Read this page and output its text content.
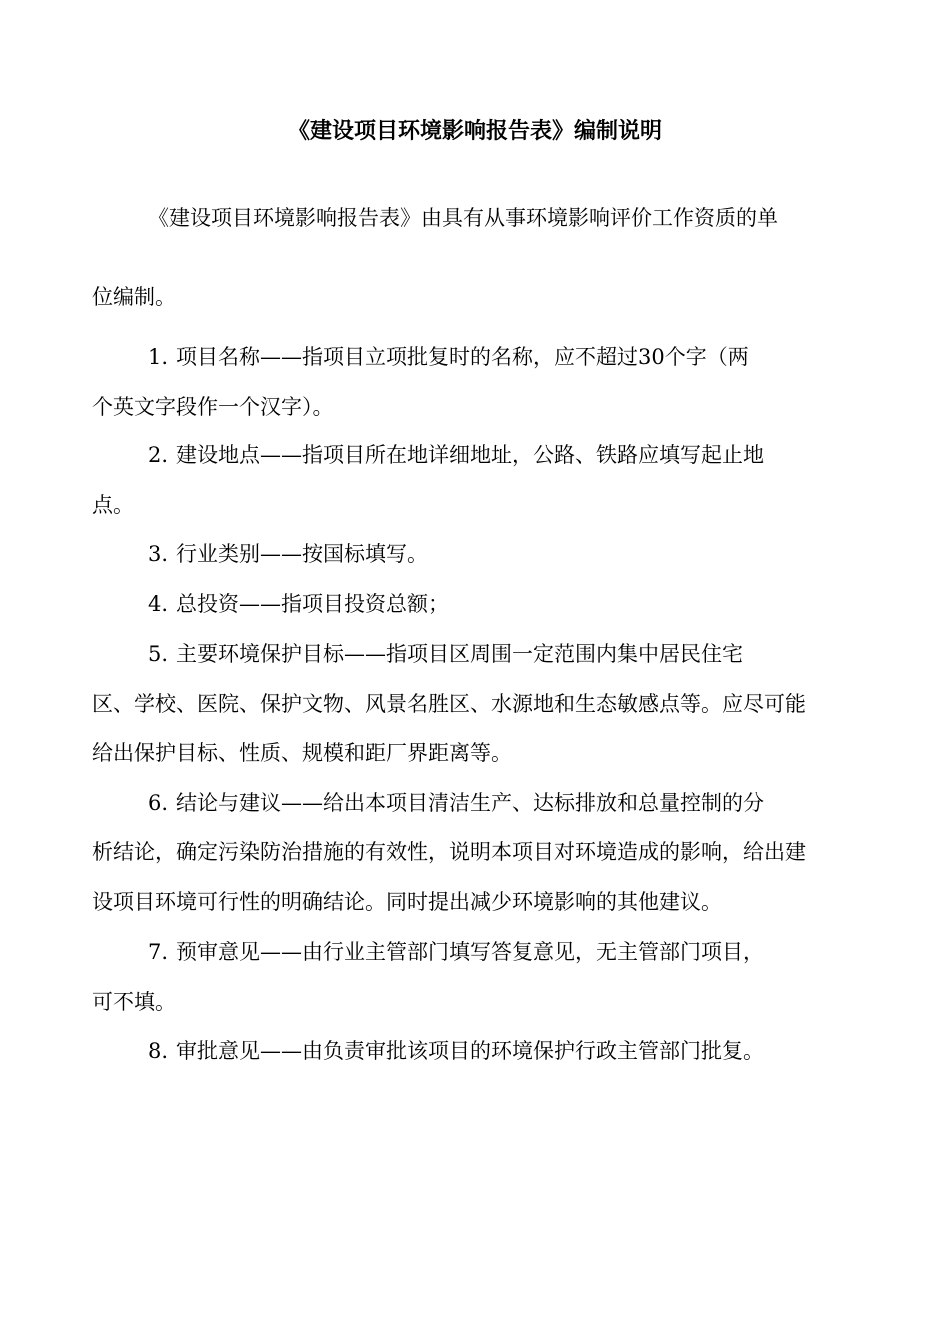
《建设项目环境影响报告表》编制说明

《建设项目环境影响报告表》由具有从事环境影响评价工作资质的单

位编制。

1. 项目名称——指项目立项批复时的名称，应不超过30个字（两

个英文字段作一个汉字）。

2. 建设地点——指项目所在地详细地址，公路、铁路应填写起止地

点。

3. 行业类别——按国标填写。

4. 总投资——指项目投资总额；

5. 主要环境保护目标——指项目区周围一定范围内集中居民住宅

区、学校、医院、保护文物、风景名胜区、水源地和生态敏感点等。应尽可能

给出保护目标、性质、规模和距厂界距离等。

6. 结论与建议——给出本项目清洁生产、达标排放和总量控制的分

析结论，确定污染防治措施的有效性，说明本项目对环境造成的影响，给出建

设项目环境可行性的明确结论。同时提出减少环境影响的其他建议。

7. 预审意见——由行业主管部门填写答复意见，无主管部门项目，

可不填。

8. 审批意见——由负责审批该项目的环境保护行政主管部门批复。
